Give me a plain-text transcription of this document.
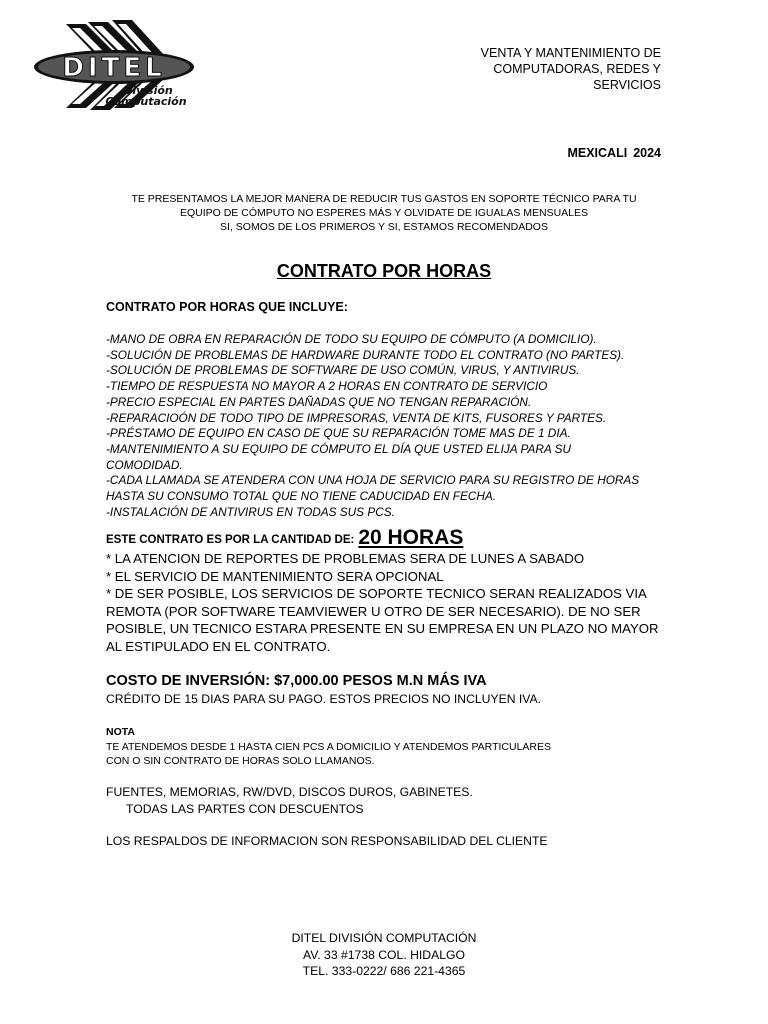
DITEL
División
Computación
VENTA Y MANTENIMIENTO DE
COMPUTADORAS, REDES Y
SERVICIOS
MEXICALI 2024
TE PRESENTAMOS LA MEJOR MANERA DE REDUCIR TUS GASTOS EN SOPORTE TÉCNICO PARA TU
EQUIPO DE CÓMPUTO NO ESPERES MÁS Y OLVIDATE DE IGUALAS MENSUALES
SI, SOMOS DE LOS PRIMEROS Y SI, ESTAMOS RECOMENDADOS
CONTRATO POR HORAS
CONTRATO POR HORAS QUE INCLUYE:
-MANO DE OBRA EN REPARACIÓN DE TODO SU EQUIPO DE CÓMPUTO (A DOMICILIO).
-SOLUCIÓN DE PROBLEMAS DE HARDWARE DURANTE TODO EL CONTRATO (NO PARTES).
-SOLUCIÓN DE PROBLEMAS DE SOFTWARE DE USO COMÚN, VIRUS, Y ANTIVIRUS.
-TIEMPO DE RESPUESTA NO MAYOR A 2 HORAS EN CONTRATO DE SERVICIO
-PRECIO ESPECIAL EN PARTES DAÑADAS QUE NO TENGAN REPARACIÓN.
-REPARACIOÓN DE TODO TIPO DE IMPRESORAS, VENTA DE KITS, FUSORES Y PARTES.
-PRÉSTAMO DE EQUIPO EN CASO DE QUE SU REPARACIÓN TOME MAS DE 1 DIA.
-MANTENIMIENTO A SU EQUIPO DE CÓMPUTO EL DÍA QUE USTED ELIJA PARA SU
COMODIDAD.
-CADA LLAMADA SE ATENDERA CON UNA HOJA DE SERVICIO PARA SU REGISTRO DE HORAS
HASTA SU CONSUMO TOTAL QUE NO TIENE CADUCIDAD EN FECHA.
-INSTALACIÓN DE ANTIVIRUS EN TODAS SUS PCS.
ESTE CONTRATO ES POR LA CANTIDAD DE: 20 HORAS
* LA ATENCION DE REPORTES DE PROBLEMAS SERA DE LUNES A SABADO
* EL SERVICIO DE MANTENIMIENTO SERA OPCIONAL
* DE SER POSIBLE, LOS SERVICIOS DE SOPORTE TECNICO SERAN REALIZADOS VIA
REMOTA (POR SOFTWARE TEAMVIEWER U OTRO DE SER NECESARIO). DE NO SER
POSIBLE, UN TECNICO ESTARA PRESENTE EN SU EMPRESA EN UN PLAZO NO MAYOR
AL ESTIPULADO EN EL CONTRATO.
COSTO DE INVERSIÓN: $7,000.00 PESOS M.N MÁS IVA
CRÉDITO DE 15 DIAS PARA SU PAGO. ESTOS PRECIOS NO INCLUYEN IVA.
NOTA
TE ATENDEMOS DESDE 1 HASTA CIEN PCS A DOMICILIO Y ATENDEMOS PARTICULARES
CON O SIN CONTRATO DE HORAS SOLO LLAMANOS.
FUENTES, MEMORIAS, RW/DVD, DISCOS DUROS, GABINETES.
TODAS LAS PARTES CON DESCUENTOS
LOS RESPALDOS DE INFORMACION SON RESPONSABILIDAD DEL CLIENTE
DITEL DIVISIÓN COMPUTACIÓN
AV. 33 #1738 COL. HIDALGO
TEL. 333-0222/ 686 221-4365
